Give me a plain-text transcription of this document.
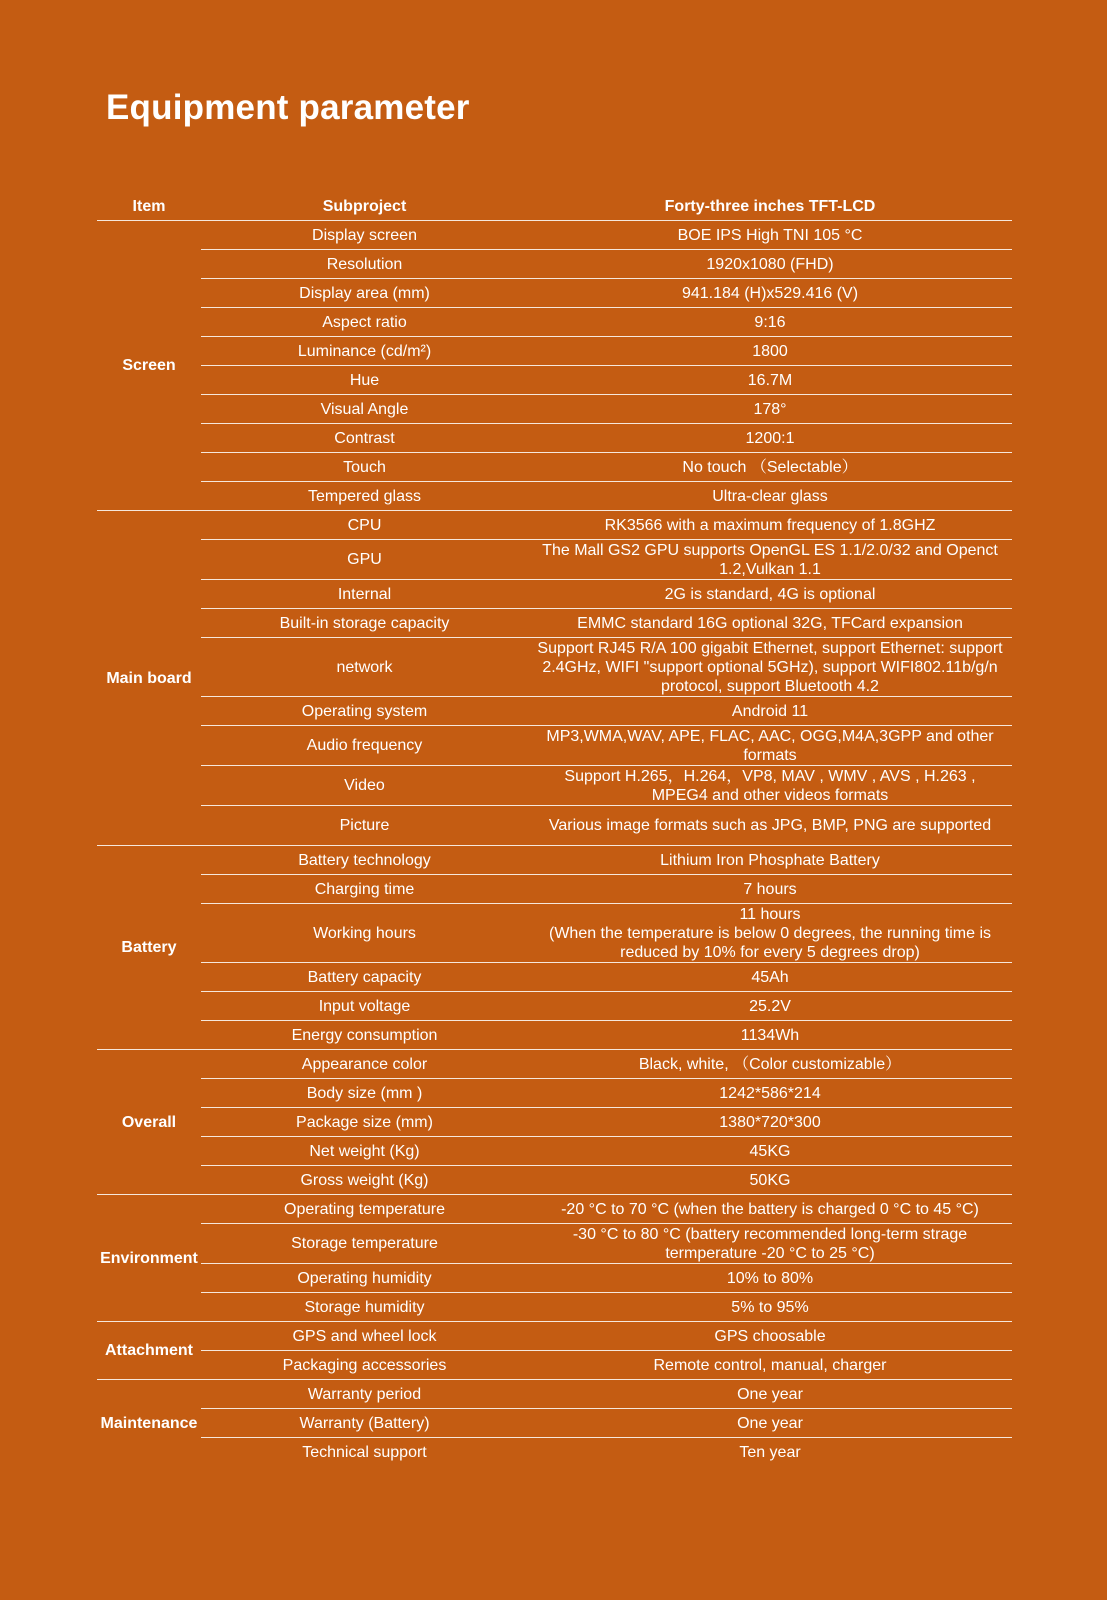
Equipment parameter
Item	Subproject	Forty-three inches TFT-LCD
Screen	Display screen	BOE IPS High TNI 105 °C
	Resolution	1920x1080 (FHD)
	Display area (mm)	941.184 (H)x529.416 (V)
	Aspect ratio	9:16
	Luminance (cd/m²)	1800
	Hue	16.7M
	Visual Angle	178°
	Contrast	1200:1
	Touch	No touch （Selectable）
	Tempered glass	Ultra-clear glass
Main board	CPU	RK3566 with a maximum frequency of 1.8GHZ
	GPU	The Mall GS2 GPU supports OpenGL ES 1.1/2.0/32 and Openct 1.2,Vulkan 1.1
	Internal	2G is standard, 4G is optional
	Built-in storage capacity	EMMC standard 16G optional 32G, TFCard expansion
	network	Support RJ45 R/A 100 gigabit Ethernet, support Ethernet: support 2.4GHz, WIFI "support optional 5GHz), support WIFI802.11b/g/n protocol, support Bluetooth 4.2
	Operating system	Android 11
	Audio frequency	MP3,WMA,WAV, APE, FLAC, AAC, OGG,M4A,3GPP and other formats
	Video	Support H.265，H.264，VP8, MAV , WMV , AVS , H.263 , MPEG4 and other videos formats
	Picture	Various image formats such as JPG, BMP, PNG are supported
Battery	Battery technology	Lithium Iron Phosphate Battery
	Charging time	7 hours
	Working hours	11 hours
(When the temperature is below 0 degrees, the running time is reduced by 10% for every 5 degrees drop)
	Battery capacity	45Ah
	Input voltage	25.2V
	Energy consumption	1134Wh
Overall	Appearance color	Black, white, （Color customizable）
	Body size (mm )	1242*586*214
	Package size (mm)	1380*720*300
	Net weight (Kg)	45KG
	Gross weight (Kg)	50KG
Environment	Operating temperature	-20 °C to 70 °C (when the battery is charged 0 °C to 45 °C)
	Storage temperature	-30 °C to 80 °C (battery recommended long-term strage termperature -20 °C to 25 °C)
	Operating humidity	10% to 80%
	Storage humidity	5% to 95%
Attachment	GPS and wheel lock	GPS choosable
	Packaging accessories	Remote control, manual, charger
Maintenance	Warranty period	One year
	Warranty (Battery)	One year
	Technical support	Ten year
